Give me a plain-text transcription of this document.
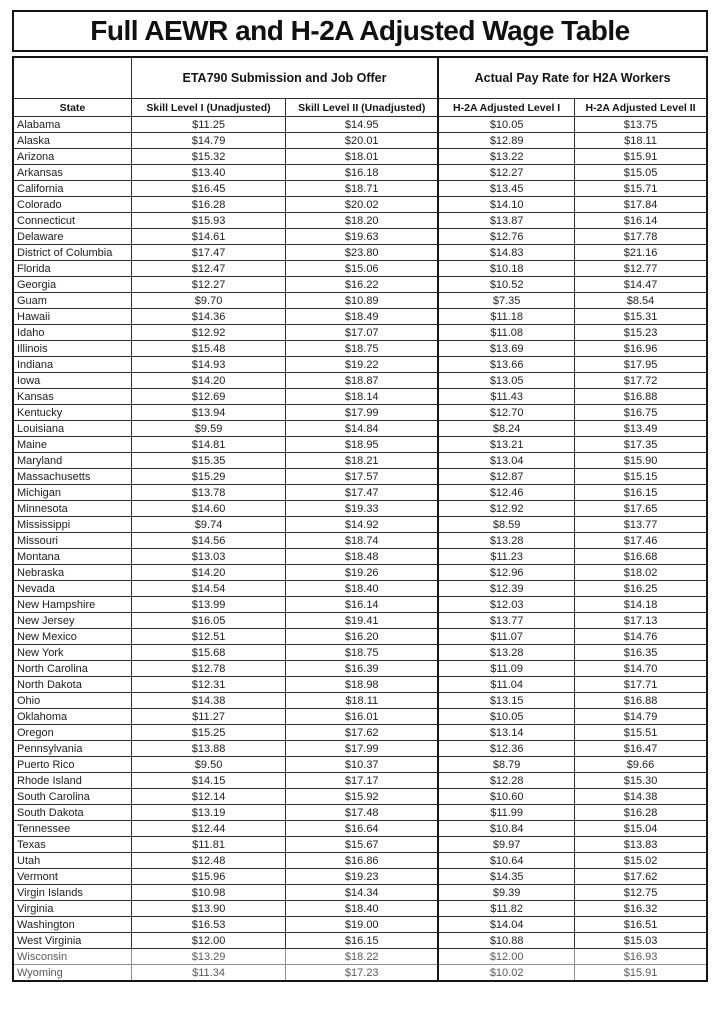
Full AEWR and H-2A Adjusted Wage Table
	ETA790 Submission and Job Offer		Actual Pay Rate for H2A Workers	
State	Skill Level I (Unadjusted)	Skill Level II (Unadjusted)	H-2A Adjusted Level I	H-2A Adjusted Level II
Alabama	$11.25	$14.95	$10.05	$13.75
Alaska	$14.79	$20.01	$12.89	$18.11
Arizona	$15.32	$18.01	$13.22	$15.91
Arkansas	$13.40	$16.18	$12.27	$15.05
California	$16.45	$18.71	$13.45	$15.71
Colorado	$16.28	$20.02	$14.10	$17.84
Connecticut	$15.93	$18.20	$13.87	$16.14
Delaware	$14.61	$19.63	$12.76	$17.78
District of Columbia	$17.47	$23.80	$14.83	$21.16
Florida	$12.47	$15.06	$10.18	$12.77
Georgia	$12.27	$16.22	$10.52	$14.47
Guam	$9.70	$10.89	$7.35	$8.54
Hawaii	$14.36	$18.49	$11.18	$15.31
Idaho	$12.92	$17.07	$11.08	$15.23
Illinois	$15.48	$18.75	$13.69	$16.96
Indiana	$14.93	$19.22	$13.66	$17.95
Iowa	$14.20	$18.87	$13.05	$17.72
Kansas	$12.69	$18.14	$11.43	$16.88
Kentucky	$13.94	$17.99	$12.70	$16.75
Louisiana	$9.59	$14.84	$8.24	$13.49
Maine	$14.81	$18.95	$13.21	$17.35
Maryland	$15.35	$18.21	$13.04	$15.90
Massachusetts	$15.29	$17.57	$12.87	$15.15
Michigan	$13.78	$17.47	$12.46	$16.15
Minnesota	$14.60	$19.33	$12.92	$17.65
Mississippi	$9.74	$14.92	$8.59	$13.77
Missouri	$14.56	$18.74	$13.28	$17.46
Montana	$13.03	$18.48	$11.23	$16.68
Nebraska	$14.20	$19.26	$12.96	$18.02
Nevada	$14.54	$18.40	$12.39	$16.25
New Hampshire	$13.99	$16.14	$12.03	$14.18
New Jersey	$16.05	$19.41	$13.77	$17.13
New Mexico	$12.51	$16.20	$11.07	$14.76
New York	$15.68	$18.75	$13.28	$16.35
North Carolina	$12.78	$16.39	$11.09	$14.70
North Dakota	$12.31	$18.98	$11.04	$17.71
Ohio	$14.38	$18.11	$13.15	$16.88
Oklahoma	$11.27	$16.01	$10.05	$14.79
Oregon	$15.25	$17.62	$13.14	$15.51
Pennsylvania	$13.88	$17.99	$12.36	$16.47
Puerto Rico	$9.50	$10.37	$8.79	$9.66
Rhode Island	$14.15	$17.17	$12.28	$15.30
South Carolina	$12.14	$15.92	$10.60	$14.38
South Dakota	$13.19	$17.48	$11.99	$16.28
Tennessee	$12.44	$16.64	$10.84	$15.04
Texas	$11.81	$15.67	$9.97	$13.83
Utah	$12.48	$16.86	$10.64	$15.02
Vermont	$15.96	$19.23	$14.35	$17.62
Virgin Islands	$10.98	$14.34	$9.39	$12.75
Virginia	$13.90	$18.40	$11.82	$16.32
Washington	$16.53	$19.00	$14.04	$16.51
West Virginia	$12.00	$16.15	$10.88	$15.03
Wisconsin	$13.29	$18.22	$12.00	$16.93
Wyoming	$11.34	$17.23	$10.02	$15.91
